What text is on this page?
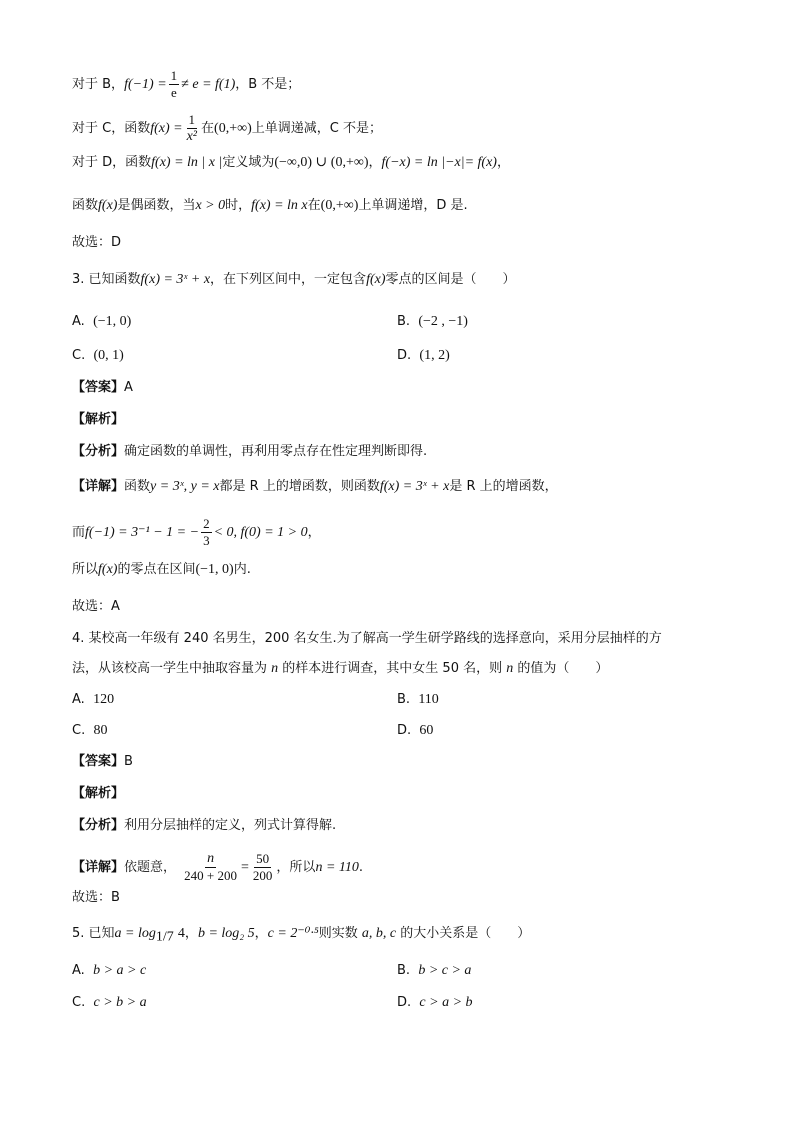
对于 B，$f(-1) = \frac{1}{e} \ne e = f(1)$，B 不是；
对于 C，函数$f(x) = \frac{1}{\text{x²}}$ 在(0,+∞)上单调递减，C 不是；
对于 D，函数f(x) = ln | x |定义域为(−∞,0) ∪ (0,+∞)，f(−x) = ln |−x|= f(x)，
函数f(x)是偶函数，当x > 0时，f(x) = ln x在(0,+∞)上单调递增，D 是.
故选：D
3. 已知函数f(x) = 3ˣ + x，在下列区间中，一定包含f(x)零点的区间是（　　）
A. (−1, 0)	B. (−2 , −1)
C. (0, 1)	D. (1, 2)
【答案】A
【解析】
【分析】确定函数的单调性，再利用零点存在性定理判断即得.
【详解】函数y = 3ˣ, y = x都是 R 上的增函数，则函数f(x) = 3ˣ + x是 R 上的增函数，
而f(−1) = 3⁻¹ − 1 = − $\frac{2}{3} < 0$, f(0) = 1 > 0，
所以f(x)的零点在区间(−1, 0)内.
故选：A
4. 某校高一年级有 240 名男生，200 名女生.为了解高一学生研学路线的选择意向，采用分层抽样的方
法，从该校高一学生中抽取容量为 n 的样本进行调查，其中女生 50 名，则 n 的值为（　　）
A. 120	B. 110
C. 80	D. 60
【答案】B
【解析】
【分析】利用分层抽样的定义，列式计算得解.
【详解】依题意， $\frac{n}{240 + 200} = \frac{50}{200}$ ，所以n = 110.
故选：B
5. 已知$a = \log_{1/7} 4$，b = log₂ 5，c = 2⁻⁰·⁵则实数 a, b, c 的大小关系是（　　）
A. b > a > c	B. b > c > a
C. c > b > a	D. c > a > b
